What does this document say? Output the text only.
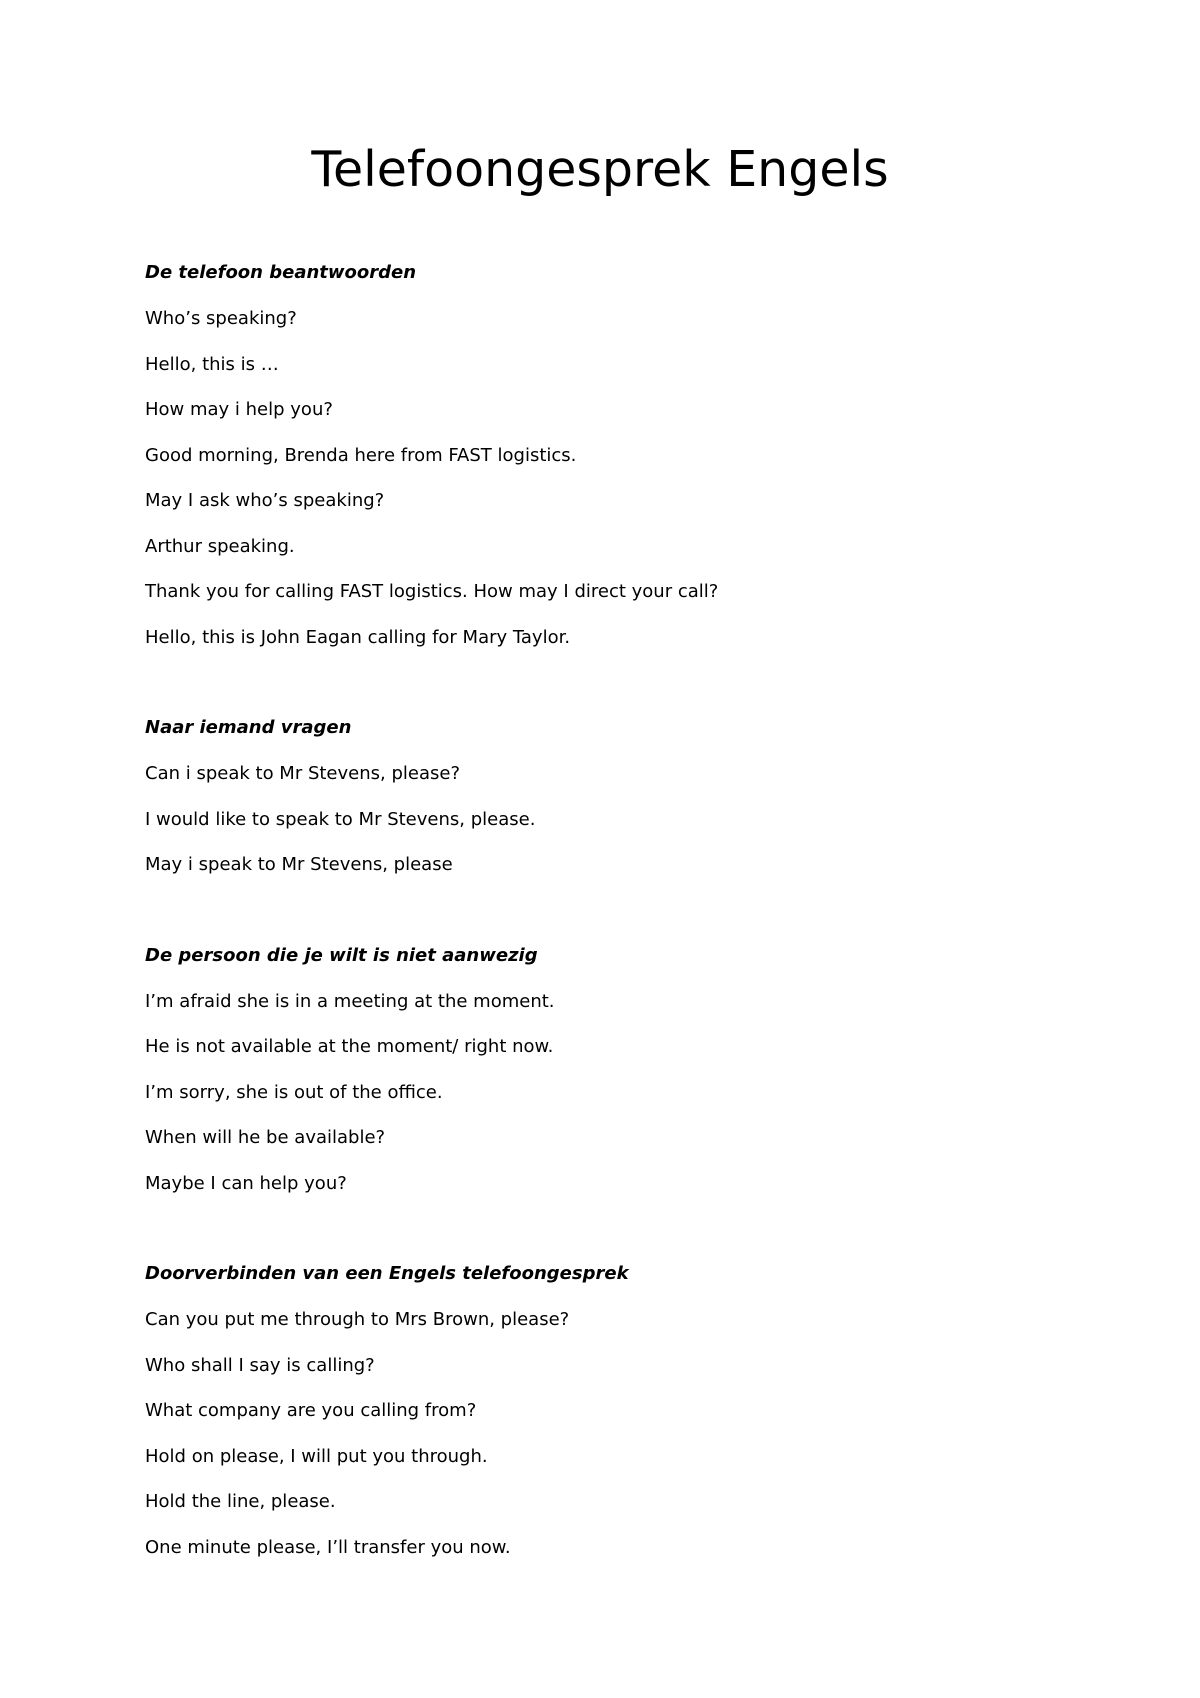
Telefoongesprek Engels

De telefoon beantwoorden

Who’s speaking?

Hello, this is …

How may i help you?

Good morning, Brenda here from FAST logistics.

May I ask who’s speaking?

Arthur speaking.

Thank you for calling FAST logistics. How may I direct your call?

Hello, this is John Eagan calling for Mary Taylor.

Naar iemand vragen

Can i speak to Mr Stevens, please?

I would like to speak to Mr Stevens, please.

May i speak to Mr Stevens, please

De persoon die je wilt is niet aanwezig

I’m afraid she is in a meeting at the moment.

He is not available at the moment/ right now.

I’m sorry, she is out of the office.

When will he be available?

Maybe I can help you?

Doorverbinden van een Engels telefoongesprek

Can you put me through to Mrs Brown, please?

Who shall I say is calling?

What company are you calling from?

Hold on please, I will put you through.

Hold the line, please.

One minute please, I’ll transfer you now.
